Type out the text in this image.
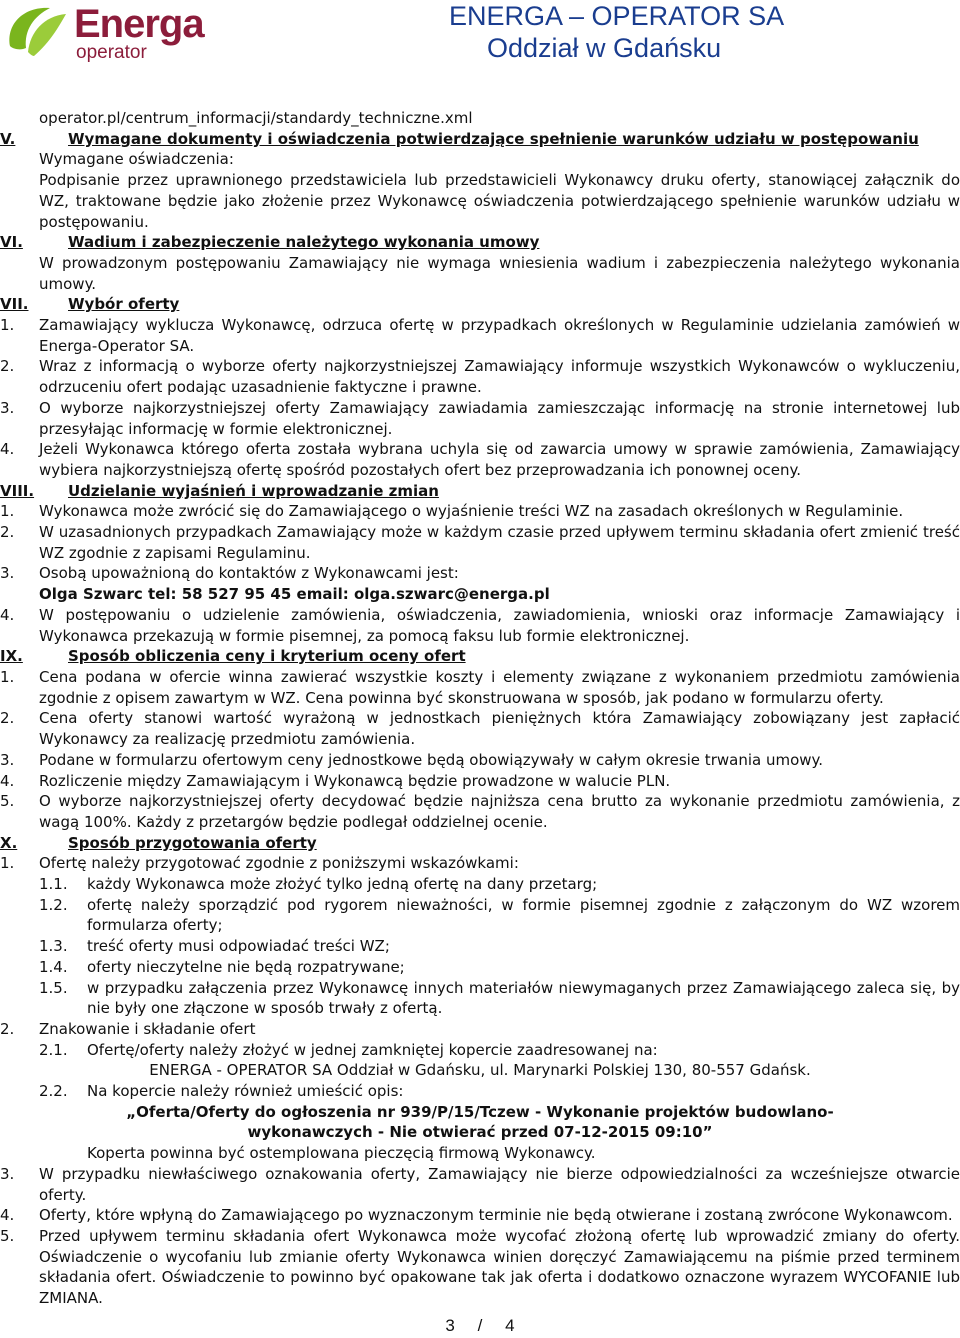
Energa
operator
ENERGA – OPERATOR SA
Oddział w Gdańsku
operator.pl/centrum_informacji/standardy_techniczne.xml
V.	Wymagane dokumenty i oświadczenia potwierdzające spełnienie warunków udziału w postępowaniu
Wymagane oświadczenia:
Podpisanie przez uprawnionego przedstawiciela lub przedstawicieli Wykonawcy druku oferty, stanowiącej załącznik do WZ, traktowane będzie jako złożenie przez Wykonawcę oświadczenia potwierdzającego spełnienie warunków udziału w postępowaniu.
VI.	Wadium i zabezpieczenie należytego wykonania umowy
W prowadzonym postępowaniu Zamawiający nie wymaga wniesienia wadium i zabezpieczenia należytego wykonania umowy.
VII.	Wybór oferty
1. Zamawiający wyklucza Wykonawcę, odrzuca ofertę w przypadkach określonych w Regulaminie udzielania zamówień w Energa-Operator SA.
2. Wraz z informacją o wyborze oferty najkorzystniejszej Zamawiający informuje wszystkich Wykonawców o wykluczeniu, odrzuceniu ofert podając uzasadnienie faktyczne i prawne.
3. O wyborze najkorzystniejszej oferty Zamawiający zawiadamia zamieszczając informację na stronie internetowej lub przesyłając informację w formie elektronicznej.
4. Jeżeli Wykonawca którego oferta została wybrana uchyla się od zawarcia umowy w sprawie zamówienia, Zamawiający wybiera najkorzystniejszą ofertę spośród pozostałych ofert bez przeprowadzania ich ponownej oceny.
VIII. Udzielanie wyjaśnień i wprowadzanie zmian
1. Wykonawca może zwrócić się do Zamawiającego o wyjaśnienie treści WZ na zasadach określonych w Regulaminie.
2. W uzasadnionych przypadkach Zamawiający może w każdym czasie przed upływem terminu składania ofert zmienić treść WZ zgodnie z zapisami Regulaminu.
3. Osobą upoważnioną do kontaktów z Wykonawcami jest:
Olga Szwarc tel: 58 527 95 45 email: olga.szwarc@energa.pl
4. W postępowaniu o udzielenie zamówienia, oświadczenia, zawiadomienia, wnioski oraz informacje Zamawiający i Wykonawca przekazują w formie pisemnej, za pomocą faksu lub formie elektronicznej.
IX.	Sposób obliczenia ceny i kryterium oceny ofert
1. Cena podana w ofercie winna zawierać wszystkie koszty i elementy związane z wykonaniem przedmiotu zamówienia zgodnie z opisem zawartym w WZ. Cena powinna być skonstruowana w sposób, jak podano w formularzu oferty.
2. Cena oferty stanowi wartość wyrażoną w jednostkach pieniężnych która Zamawiający zobowiązany jest zapłacić Wykonawcy za realizację przedmiotu zamówienia.
3. Podane w formularzu ofertowym ceny jednostkowe będą obowiązywały w całym okresie trwania umowy.
4. Rozliczenie między Zamawiającym i Wykonawcą będzie prowadzone w walucie PLN.
5. O wyborze najkorzystniejszej oferty decydować będzie najniższa cena brutto za wykonanie przedmiotu zamówienia, z wagą 100%. Każdy z przetargów będzie podlegał oddzielnej ocenie.
X.	Sposób przygotowania oferty
1. Ofertę należy przygotować zgodnie z poniższymi wskazówkami:
1.1. każdy Wykonawca może złożyć tylko jedną ofertę na dany przetarg;
1.2. ofertę należy sporządzić pod rygorem nieważności, w formie pisemnej zgodnie z załączonym do WZ wzorem formularza oferty;
1.3. treść oferty musi odpowiadać treści WZ;
1.4. oferty nieczytelne nie będą rozpatrywane;
1.5. w przypadku załączenia przez Wykonawcę innych materiałów niewymaganych przez Zamawiającego zaleca się, by nie były one złączone w sposób trwały z ofertą.
2. Znakowanie i składanie ofert
2.1. Ofertę/oferty należy złożyć w jednej zamkniętej kopercie zaadresowanej na:
ENERGA - OPERATOR SA Oddział w Gdańsku, ul. Marynarki Polskiej 130, 80-557 Gdańsk.
2.2. Na kopercie należy również umieścić opis:
„Oferta/Oferty do ogłoszenia nr 939/P/15/Tczew - Wykonanie projektów budowlano-
wykonawczych - Nie otwierać przed 07-12-2015 09:10”
Koperta powinna być ostemplowana pieczęcią firmową Wykonawcy.
3. W przypadku niewłaściwego oznakowania oferty, Zamawiający nie bierze odpowiedzialności za wcześniejsze otwarcie oferty.
4. Oferty, które wpłyną do Zamawiającego po wyznaczonym terminie nie będą otwierane i zostaną zwrócone Wykonawcom.
5. Przed upływem terminu składania ofert Wykonawca może wycofać złożoną ofertę lub wprowadzić zmiany do oferty. Oświadczenie o wycofaniu lub zmianie oferty Wykonawca winien doręczyć Zamawiającemu na piśmie przed terminem składania ofert. Oświadczenie to powinno być opakowane tak jak oferta i dodatkowo oznaczone wyrazem WYCOFANIE lub ZMIANA.
3 / 4
